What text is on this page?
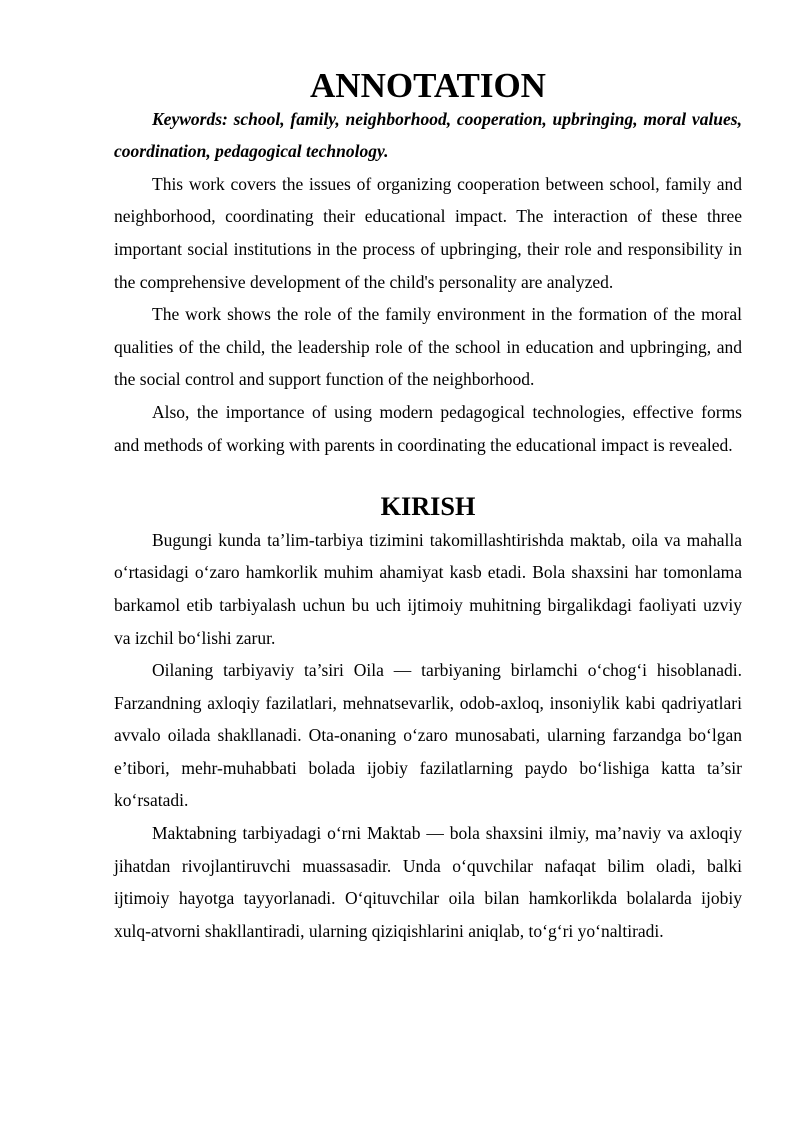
ANNOTATION

Keywords: school, family, neighborhood, cooperation, upbringing, moral values, coordination, pedagogical technology.

This work covers the issues of organizing cooperation between school, family and neighborhood, coordinating their educational impact. The interaction of these three important social institutions in the process of upbringing, their role and responsibility in the comprehensive development of the child's personality are analyzed.

The work shows the role of the family environment in the formation of the moral qualities of the child, the leadership role of the school in education and upbringing, and the social control and support function of the neighborhood.

Also, the importance of using modern pedagogical technologies, effective forms and methods of working with parents in coordinating the educational impact is revealed.

KIRISH

Bugungi kunda ta’lim-tarbiya tizimini takomillashtirishda maktab, oila va mahalla o‘rtasidagi o‘zaro hamkorlik muhim ahamiyat kasb etadi. Bola shaxsini har tomonlama barkamol etib tarbiyalash uchun bu uch ijtimoiy muhitning birgalikdagi faoliyati uzviy va izchil bo‘lishi zarur.

Oilaning tarbiyaviy ta’siri Oila — tarbiyaning birlamchi o‘chog‘i hisoblanadi. Farzandning axloqiy fazilatlari, mehnatsevarlik, odob-axloq, insoniylik kabi qadriyatlari avvalo oilada shakllanadi. Ota-onaning o‘zaro munosabati, ularning farzandga bo‘lgan e’tibori, mehr-muhabbati bolada ijobiy fazilatlarning paydo bo‘lishiga katta ta’sir ko‘rsatadi.

Maktabning tarbiyadagi o‘rni Maktab — bola shaxsini ilmiy, ma’naviy va axloqiy jihatdan rivojlantiruvchi muassasadir. Unda o‘quvchilar nafaqat bilim oladi, balki ijtimoiy hayotga tayyorlanadi. O‘qituvchilar oila bilan hamkorlikda bolalarda ijobiy xulq-atvorni shakllantiradi, ularning qiziqishlarini aniqlab, to‘g‘ri yo‘naltiradi.
